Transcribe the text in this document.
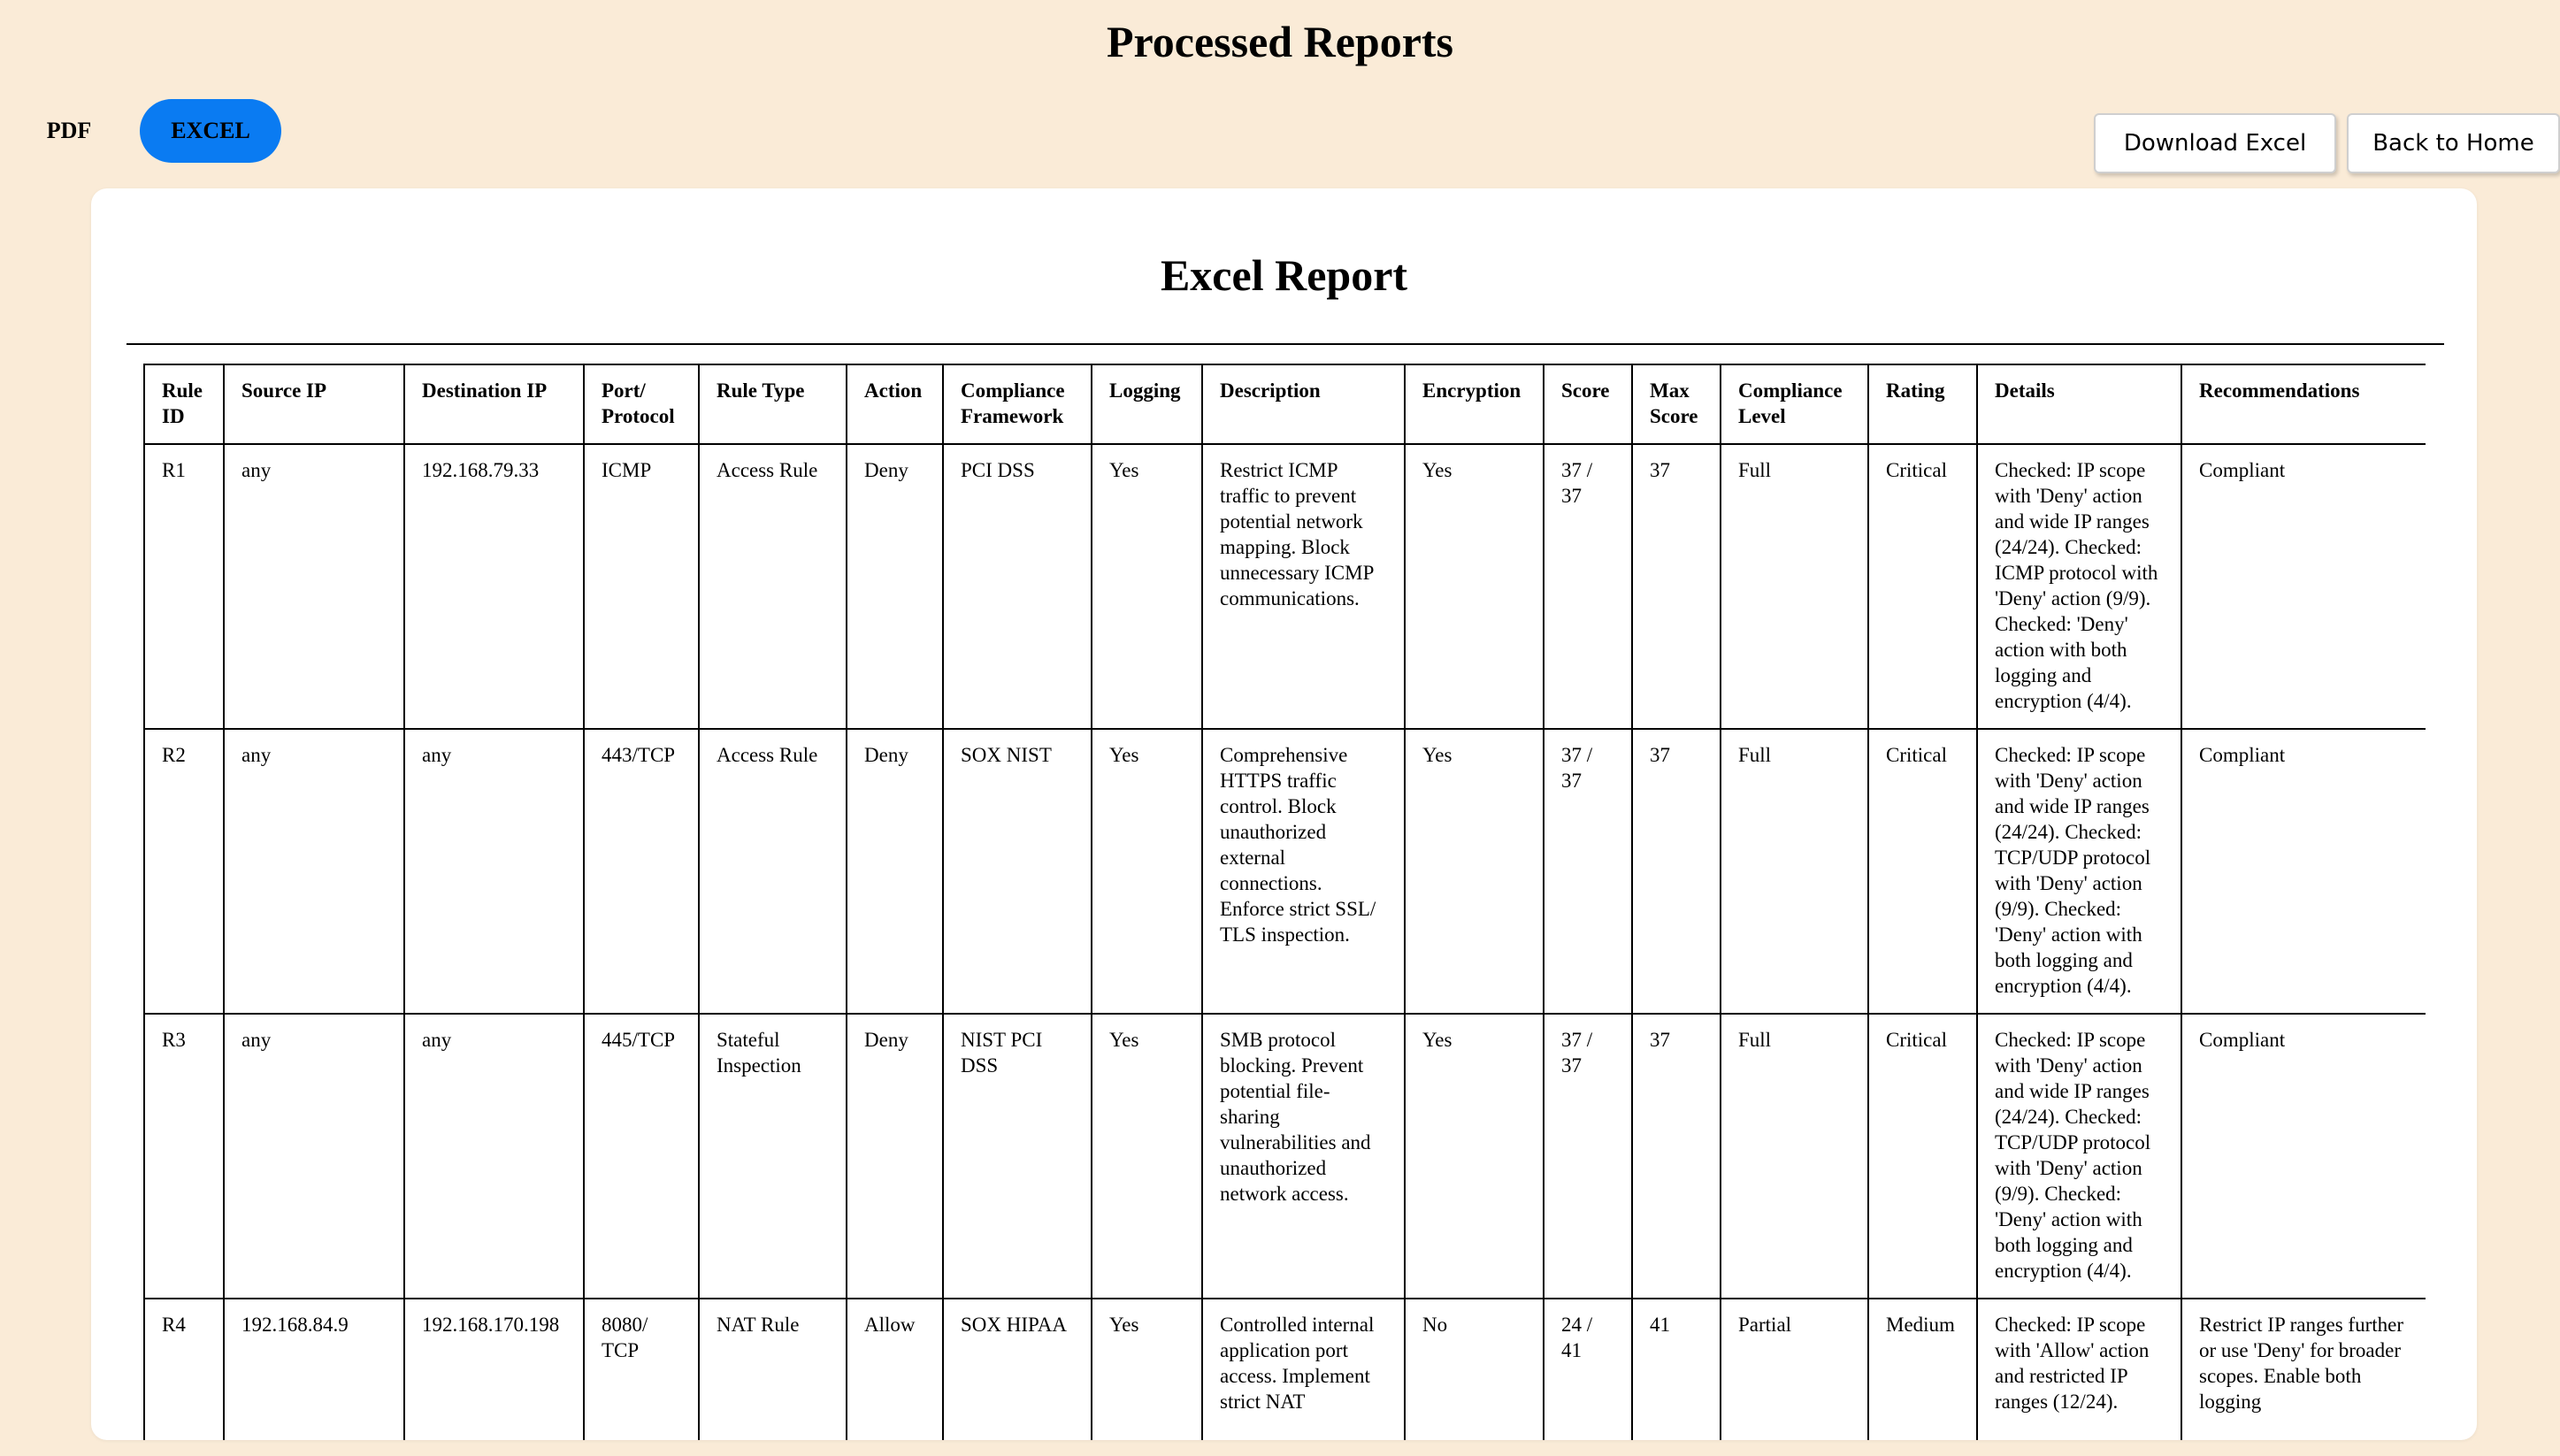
Processed Reports
PDF	EXCEL	Download Excel	Back to Home
Excel Report
Rule ID	Source IP	Destination IP	Port/ Protocol	Rule Type	Action	Compliance Framework	Logging	Description	Encryption	Score	Max Score	Compliance Level	Rating	Details	Recommendations
R1	any	192.168.79.33	ICMP	Access Rule	Deny	PCI DSS	Yes	Restrict ICMP traffic to prevent potential network mapping. Block unnecessary ICMP communications.	Yes	37 / 37	37	Full	Critical	Checked: IP scope with 'Deny' action and wide IP ranges (24/24). Checked: ICMP protocol with 'Deny' action (9/9). Checked: 'Deny' action with both logging and encryption (4/4).	Compliant
R2	any	any	443/TCP	Access Rule	Deny	SOX NIST	Yes	Comprehensive HTTPS traffic control. Block unauthorized external connections. Enforce strict SSL/ TLS inspection.	Yes	37 / 37	37	Full	Critical	Checked: IP scope with 'Deny' action and wide IP ranges (24/24). Checked: TCP/UDP protocol with 'Deny' action (9/9). Checked: 'Deny' action with both logging and encryption (4/4).	Compliant
R3	any	any	445/TCP	Stateful Inspection	Deny	NIST PCI DSS	Yes	SMB protocol blocking. Prevent potential file-sharing vulnerabilities and unauthorized network access.	Yes	37 / 37	37	Full	Critical	Checked: IP scope with 'Deny' action and wide IP ranges (24/24). Checked: TCP/UDP protocol with 'Deny' action (9/9). Checked: 'Deny' action with both logging and encryption (4/4).	Compliant
R4	192.168.84.9	192.168.170.198	8080/ TCP	NAT Rule	Allow	SOX HIPAA	Yes	Controlled internal application port access. Implement strict NAT	No	24 / 41	41	Partial	Medium	Checked: IP scope with 'Allow' action and restricted IP ranges (12/24).	Restrict IP ranges further or use 'Deny' for broader scopes. Enable both logging
